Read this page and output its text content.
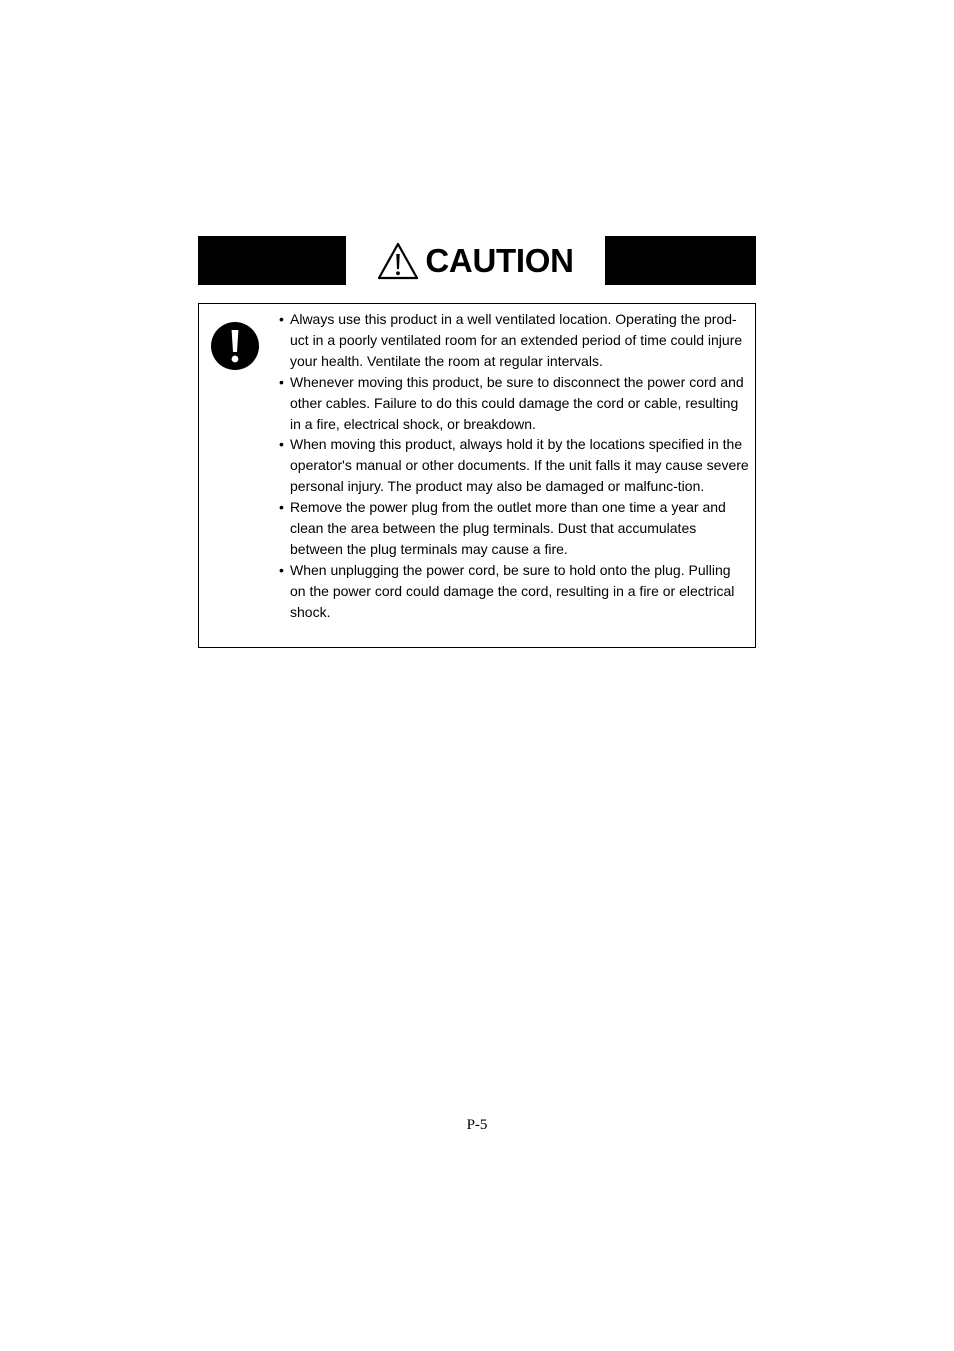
CAUTION
• Always use this product in a well ventilated location. Operating the prod-uct in a poorly ventilated room for an extended period of time could injure your health. Ventilate the room at regular intervals.
• Whenever moving this product, be sure to disconnect the power cord and other cables. Failure to do this could damage the cord or cable, resulting in a fire, electrical shock, or breakdown.
• When moving this product, always hold it by the locations specified in the operator's manual or other documents. If the unit falls it may cause severe personal injury. The product may also be damaged or malfunc-tion.
• Remove the power plug from the outlet more than one time a year and clean the area between the plug terminals. Dust that accumulates between the plug terminals may cause a fire.
• When unplugging the power cord, be sure to hold onto the plug. Pulling on the power cord could damage the cord, resulting in a fire or electrical shock.
P-5
